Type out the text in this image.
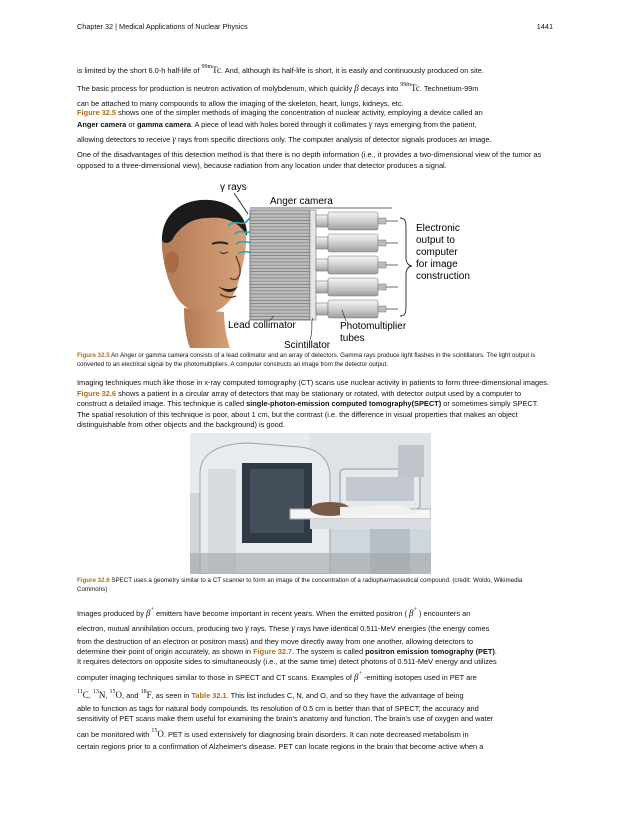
Chapter 32 | Medical Applications of Nuclear Physics	1441

is limited by the short 6.0-h half-life of $^{99m}$Tc. And, although its half-life is short, it is easily and continuously produced on site.

The basic process for production is neutron activation of molybdenum, which quickly β decays into $^{99m}$Tc. Technetium-99m
can be attached to many compounds to allow the imaging of the skeleton, heart, lungs, kidneys, etc.

Figure 32.5 shows one of the simpler methods of imaging the concentration of nuclear activity, employing a device called an
Anger camera or gamma camera. A piece of lead with holes bored through it collimates γ rays emerging from the patient,
allowing detectors to receive γ rays from specific directions only. The computer analysis of detector signals produces an image.

One of the disadvantages of this detection method is that there is no depth information (i.e., it provides a two-dimensional view of the tumor as opposed to a three-dimensional view), because radiation from any location under that detector produces a signal.

Figure 32.5 An Anger or gamma camera consists of a lead collimator and an array of detectors. Gamma rays produce light flashes in the scintillators. The light output is converted to an electrical signal by the photomultipliers. A computer constructs an image from the detector output.

Imaging techniques much like those in x-ray computed tomography (CT) scans use nuclear activity in patients to form three-dimensional images. Figure 32.6 shows a patient in a circular array of detectors that may be stationary or rotated, with detector output used by a computer to construct a detailed image. This technique is called single-photon-emission computed tomography(SPECT) or sometimes simply SPECT. The spatial resolution of this technique is poor, about 1 cm, but the contrast (i.e. the difference in visual properties that makes an object distinguishable from other objects and the background) is good.

Figure 32.6 SPECT uses a geometry similar to a CT scanner to form an image of the concentration of a radiopharmaceutical compound. (credit: Woldo, Wikimedia Commons)

Images produced by β+ emitters have become important in recent years. When the emitted positron ( β+ ) encounters an
electron, mutual annihilation occurs, producing two γ rays. These γ rays have identical 0.511-MeV energies (the energy comes
from the destruction of an electron or positron mass) and they move directly away from one another, allowing detectors to
determine their point of origin accurately, as shown in Figure 32.7. The system is called positron emission tomography (PET).
It requires detectors on opposite sides to simultaneously (i.e., at the same time) detect photons of 0.511-MeV energy and utilizes
computer imaging techniques similar to those in SPECT and CT scans. Examples of β+ -emitting isotopes used in PET are
$^{11}$C, $^{13}$N, $^{15}$O, and $^{18}$F, as seen in Table 32.1. This list includes C, N, and O, and so they have the advantage of being
able to function as tags for natural body compounds. Its resolution of 0.5 cm is better than that of SPECT; the accuracy and
sensitivity of PET scans make them useful for examining the brain's anatomy and function. The brain's use of oxygen and water
can be monitored with $^{15}$O. PET is used extensively for diagnosing brain disorders. It can note decreased metabolism in
certain regions prior to a confirmation of Alzheimer's disease. PET can locate regions in the brain that become active when a
γ rays
Anger camera
Electronic
output to
computer
for image
construction
Lead collimator
Scintillator
Photomultiplier
tubes
